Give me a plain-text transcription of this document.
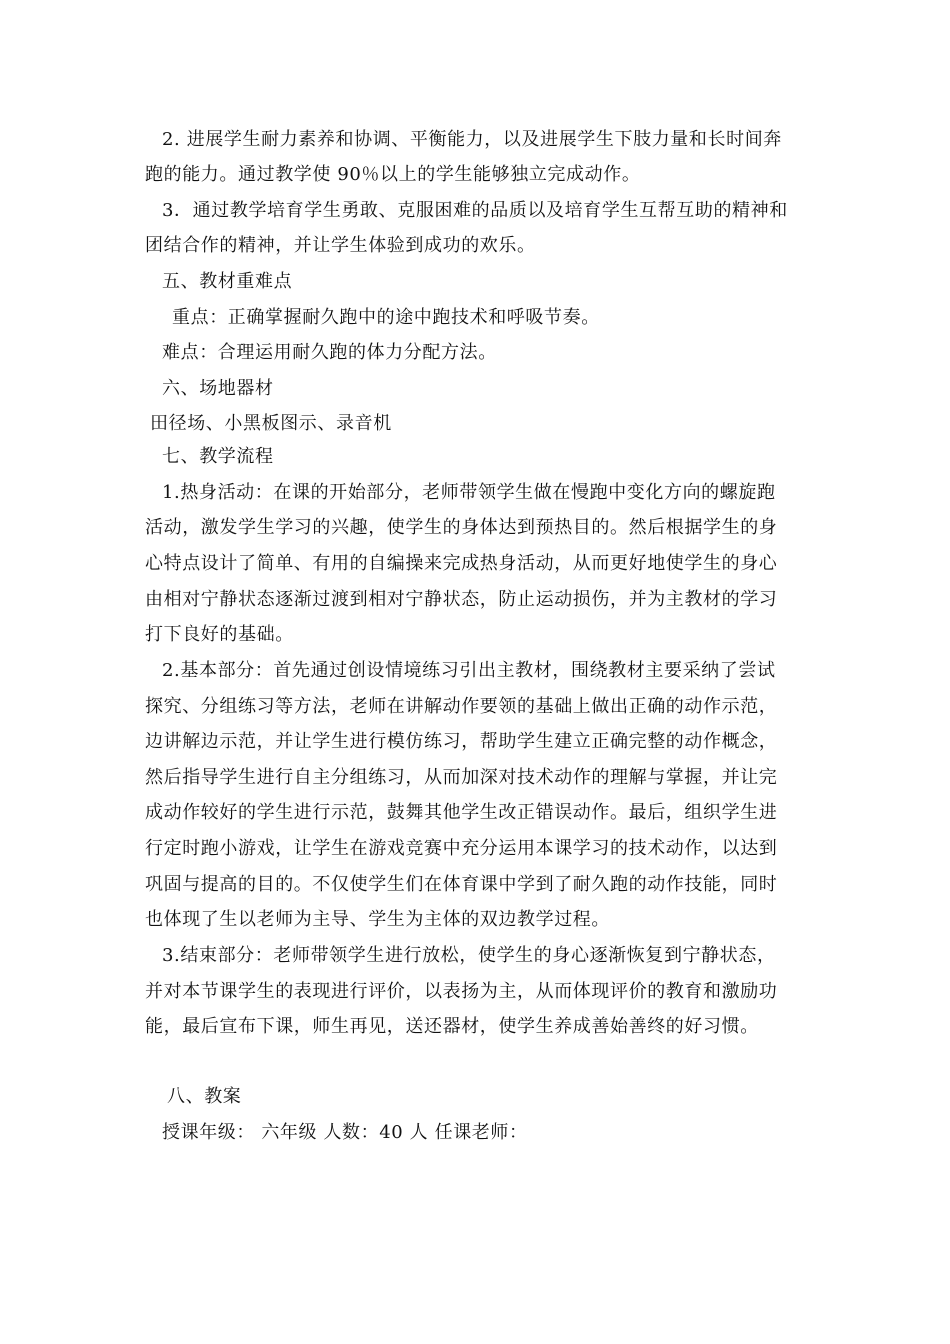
2. 进展学生耐力素养和协调、平衡能力，以及进展学生下肢力量和长时间奔
跑的能力。通过教学使 90％以上的学生能够独立完成动作。
3．通过教学培育学生勇敢、克服困难的品质以及培育学生互帮互助的精神和
团结合作的精神，并让学生体验到成功的欢乐。
五、教材重难点
重点：正确掌握耐久跑中的途中跑技术和呼吸节奏。
难点：合理运用耐久跑的体力分配方法。
六、场地器材
田径场、小黑板图示、录音机
七、教学流程
1.热身活动：在课的开始部分，老师带领学生做在慢跑中变化方向的螺旋跑
活动，激发学生学习的兴趣，使学生的身体达到预热目的。然后根据学生的身
心特点设计了简单、有用的自编操来完成热身活动，从而更好地使学生的身心
由相对宁静状态逐渐过渡到相对宁静状态，防止运动损伤，并为主教材的学习
打下良好的基础。
2.基本部分：首先通过创设情境练习引出主教材，围绕教材主要采纳了尝试
探究、分组练习等方法，老师在讲解动作要领的基础上做出正确的动作示范，
边讲解边示范，并让学生进行模仿练习，帮助学生建立正确完整的动作概念，
然后指导学生进行自主分组练习，从而加深对技术动作的理解与掌握，并让完
成动作较好的学生进行示范，鼓舞其他学生改正错误动作。最后，组织学生进
行定时跑小游戏，让学生在游戏竞赛中充分运用本课学习的技术动作，以达到
巩固与提高的目的。不仅使学生们在体育课中学到了耐久跑的动作技能，同时
也体现了生以老师为主导、学生为主体的双边教学过程。
3.结束部分：老师带领学生进行放松，使学生的身心逐渐恢复到宁静状态，
并对本节课学生的表现进行评价，以表扬为主，从而体现评价的教育和激励功
能，最后宣布下课，师生再见，送还器材，使学生养成善始善终的好习惯。
八、教案
授课年级： 六年级 人数：40 人 任课老师：
